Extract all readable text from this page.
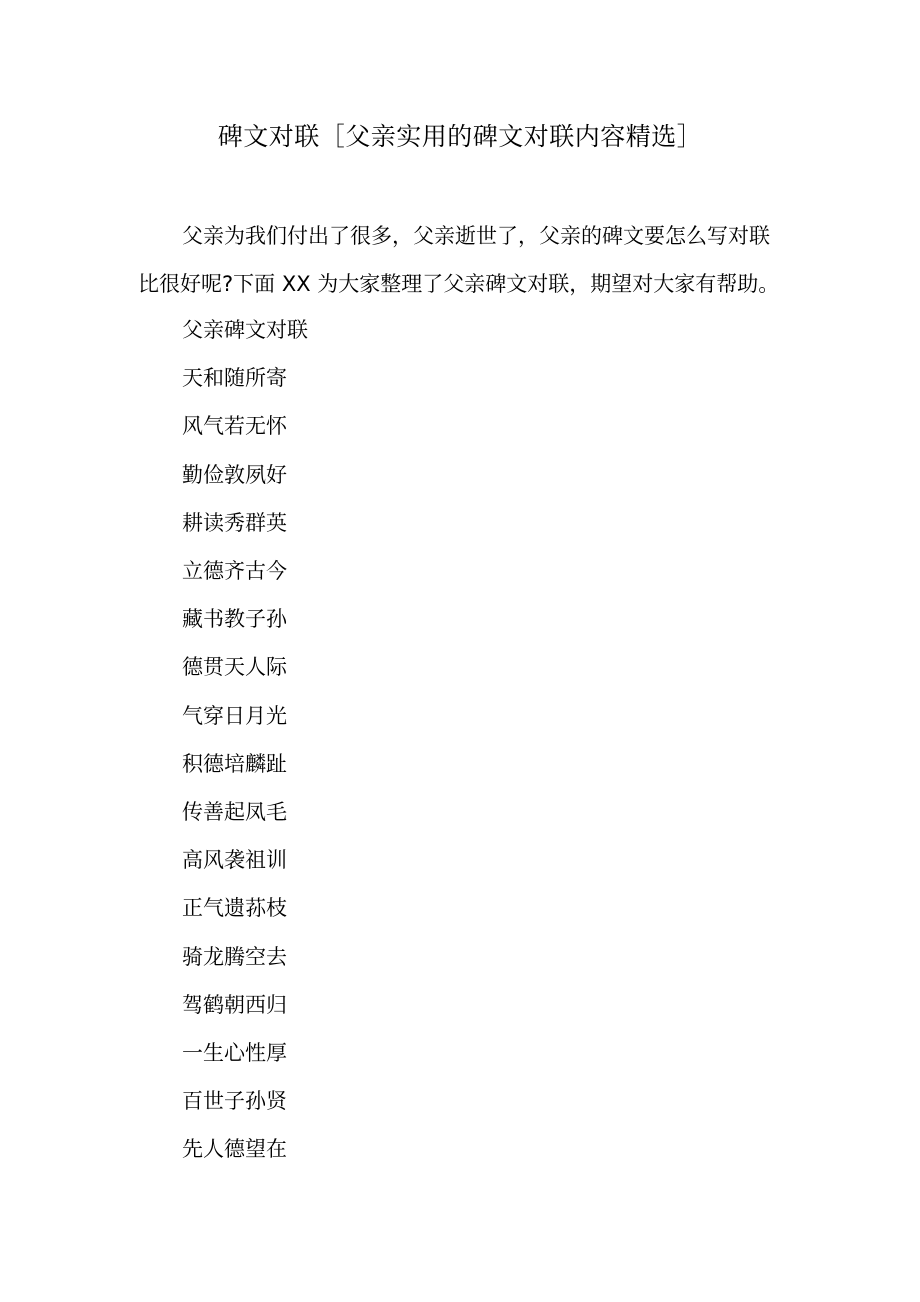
碑文对联［父亲实用的碑文对联内容精选］
父亲为我们付出了很多，父亲逝世了，父亲的碑文要怎么写对联
比很好呢?下面 XX 为大家整理了父亲碑文对联，期望对大家有帮助。
父亲碑文对联
天和随所寄
风气若无怀
勤俭敦夙好
耕读秀群英
立德齐古今
藏书教子孙
德贯天人际
气穿日月光
积德培麟趾
传善起凤毛
高风袭祖训
正气遗荪枝
骑龙腾空去
驾鹤朝西归
一生心性厚
百世子孙贤
先人德望在
